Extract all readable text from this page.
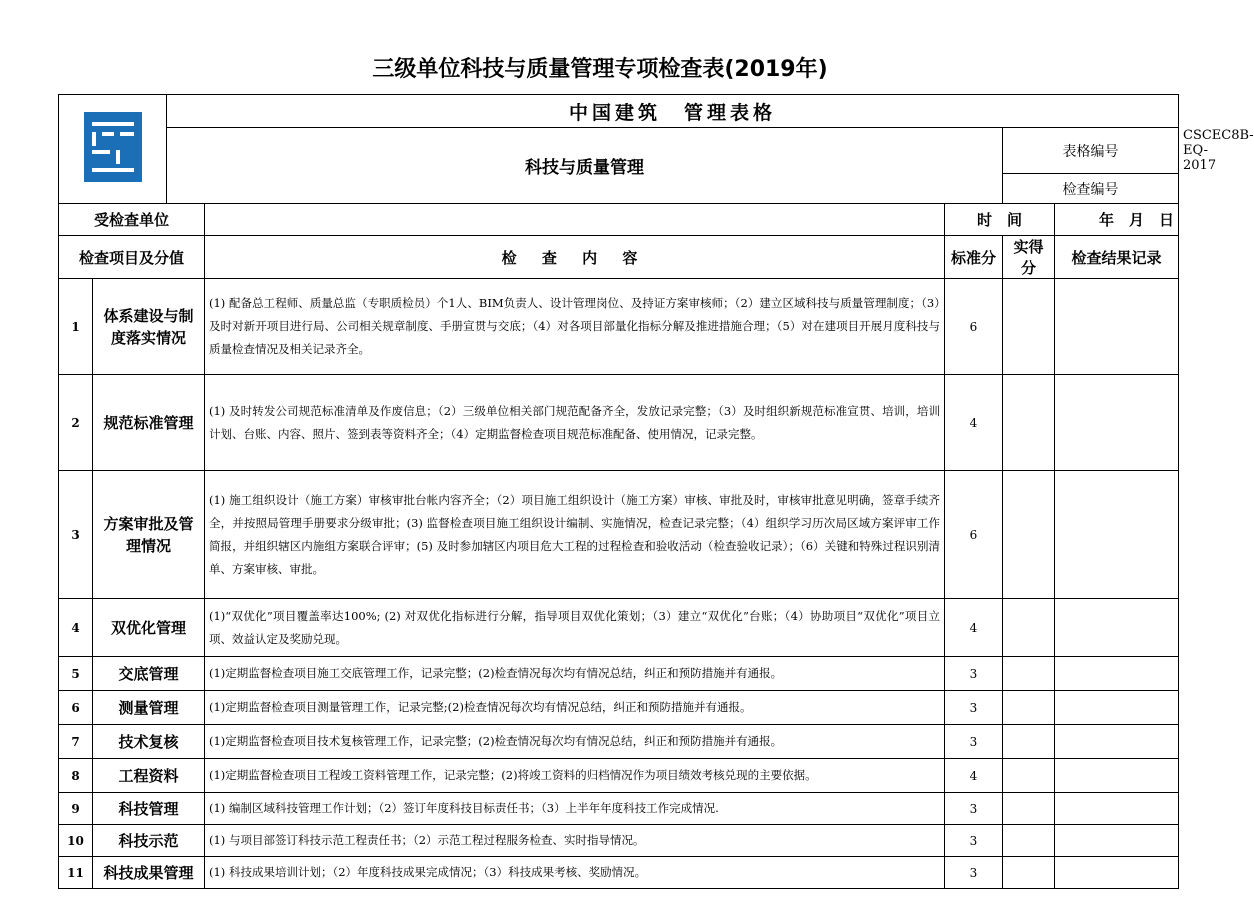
三级单位科技与质量管理专项检查表(2019年)
		中国建筑　管理表格					
		科技与质量管理			表格编号		CSCEC8B-EQ-2017
					检查编号		
受检查单位				时　间		年　月　日	
检查项目及分值			检 查 内 容	标准分	实得分	检查结果记录	
1	体系建设与制度落实情况		(1) 配备总工程师、质量总监（专职质检员）个1人、BIM负责人、设计管理岗位、及持证方案审核师；（2）建立区域科技与质量管理制度；（3）及时对新开项目进行局、公司相关规章制度、手册宣贯与交底；（4）对各项目部量化指标分解及推进措施合理；（5）对在建项目开展月度科技与质量检查情况及相关记录齐全。	6			
2	规范标准管理		(1) 及时转发公司规范标准清单及作废信息；（2）三级单位相关部门规范配备齐全，发放记录完整；（3）及时组织新规范标准宣贯、培训，培训计划、台账、内容、照片、签到表等资料齐全；（4）定期监督检查项目规范标准配备、使用情况，记录完整。	4			
3	方案审批及管理情况		(1) 施工组织设计（施工方案）审核审批台帐内容齐全；（2）项目施工组织设计（施工方案）审核、审批及时，审核审批意见明确，签章手续齐全，并按照局管理手册要求分级审批；(3) 监督检查项目施工组织设计编制、实施情况，检查记录完整；（4）组织学习历次局区域方案评审工作简报，并组织辖区内施组方案联合评审；(5) 及时参加辖区内项目危大工程的过程检查和验收活动（检查验收记录）；（6）关键和特殊过程识别清单、方案审核、审批。	6			
4	双优化管理		(1)“双优化”项目覆盖率达100%; (2) 对双优化指标进行分解，指导项目双优化策划；（3）建立“双优化”台账；（4）协助项目“双优化”项目立项、效益认定及奖励兑现。	4			
5	交底管理		(1)定期监督检查项目施工交底管理工作，记录完整；(2)检查情况每次均有情况总结，纠正和预防措施并有通报。	3			
6	测量管理		(1)定期监督检查项目测量管理工作，记录完整;(2)检查情况每次均有情况总结，纠正和预防措施并有通报。	3			
7	技术复核		(1)定期监督检查项目技术复核管理工作，记录完整；(2)检查情况每次均有情况总结，纠正和预防措施并有通报。	3			
8	工程资料		(1)定期监督检查项目工程竣工资料管理工作，记录完整；(2)将竣工资料的归档情况作为项目绩效考核兑现的主要依据。	4			
9	科技管理		(1) 编制区域科技管理工作计划；（2）签订年度科技目标责任书；（3）上半年年度科技工作完成情况.	3			
10	科技示范		(1) 与项目部签订科技示范工程责任书；（2）示范工程过程服务检查、实时指导情况。	3			
11	科技成果管理		(1) 科技成果培训计划；（2）年度科技成果完成情况；（3）科技成果考核、奖励情况。	3			
